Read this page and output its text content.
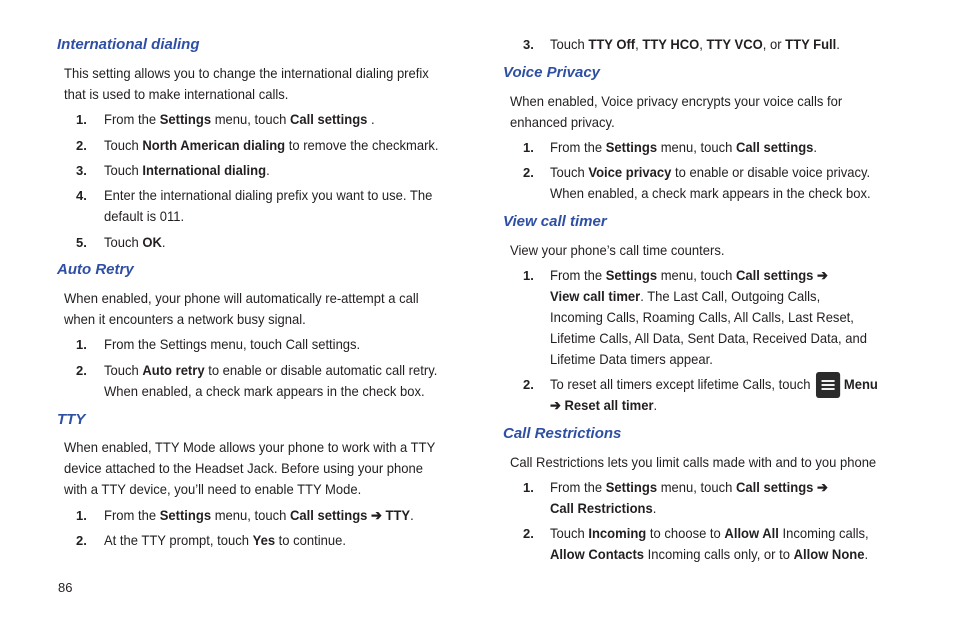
International dialing

This setting allows you to change the international dialing prefix

that is used to make international calls.

1. From the Settings menu, touch Call settings .

2. Touch North American dialing to remove the checkmark.

3. Touch International dialing.

4. Enter the international dialing prefix you want to use. The

default is 011.

5. Touch OK.

Auto Retry

When enabled, your phone will automatically re-attempt a call

when it encounters a network busy signal.

1. From the Settings menu, touch Call settings.

2. Touch Auto retry to enable or disable automatic call retry.

When enabled, a check mark appears in the check box.

TTY

When enabled, TTY Mode allows your phone to work with a TTY

device attached to the Headset Jack. Before using your phone

with a TTY device, you’ll need to enable TTY Mode.

1. From the Settings menu, touch Call settings ➔ TTY.

2. At the TTY prompt, touch Yes to continue.

3. Touch TTY Off, TTY HCO, TTY VCO, or TTY Full.

Voice Privacy

When enabled, Voice privacy encrypts your voice calls for

enhanced privacy.

1. From the Settings menu, touch Call settings.

2. Touch Voice privacy to enable or disable voice privacy.

When enabled, a check mark appears in the check box.

View call timer

View your phone’s call time counters.

1. From the Settings menu, touch Call settings ➔

View call timer. The Last Call, Outgoing Calls,

Incoming Calls, Roaming Calls, All Calls, Last Reset,

Lifetime Calls, All Data, Sent Data, Received Data, and

Lifetime Data timers appear.

2. To reset all timers except lifetime Calls, touch
Menu

➔ Reset all timer.

Call Restrictions

Call Restrictions lets you limit calls made with and to you phone

1. From the Settings menu, touch Call settings ➔

Call Restrictions.

2. Touch Incoming to choose to Allow All Incoming calls,

Allow Contacts Incoming calls only, or to Allow None.

86
